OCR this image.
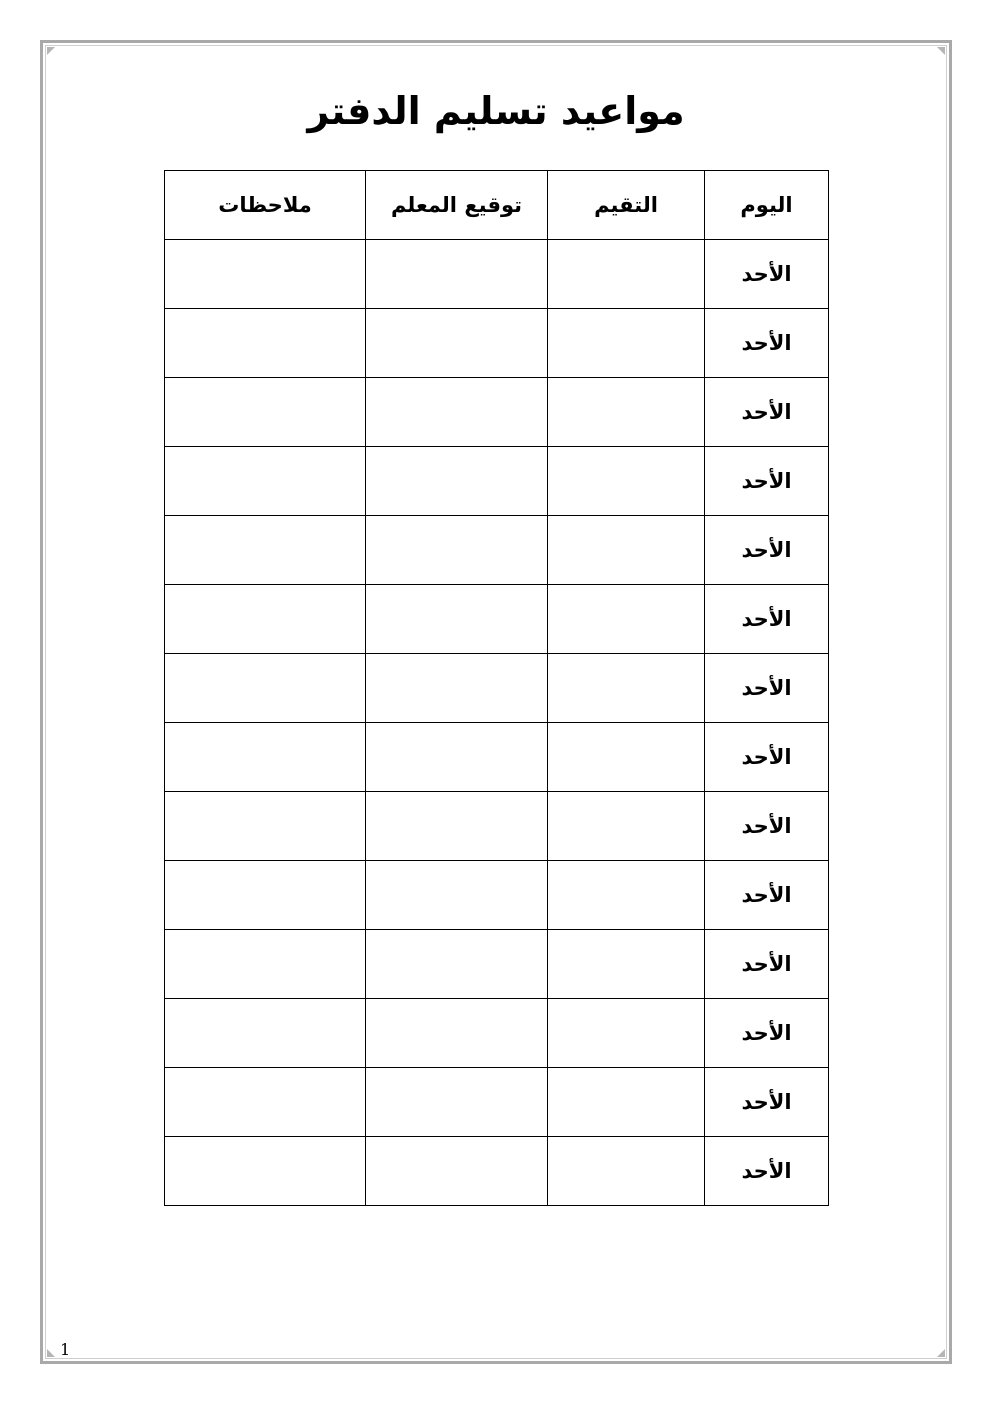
مواعيد تسليم الدفتر
اليوم	التقيم	توقيع المعلم	ملاحظات
الأحد			
الأحد			
الأحد			
الأحد			
الأحد			
الأحد			
الأحد			
الأحد			
الأحد			
الأحد			
الأحد			
الأحد			
الأحد			
الأحد			
1
